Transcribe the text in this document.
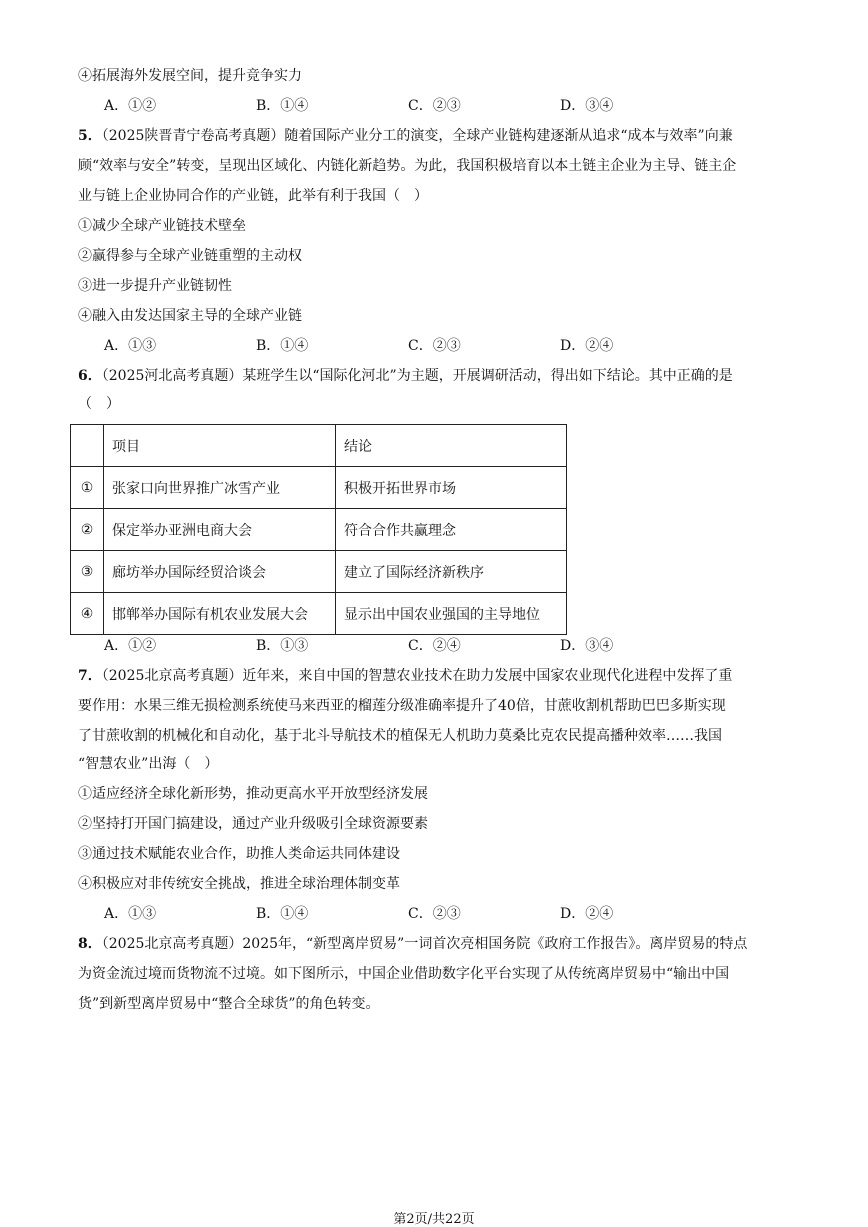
④拓展海外发展空间，提升竞争实力
A．①②	B．①④	C．②③	D．③④
5．（2025陕晋青宁卷高考真题）随着国际产业分工的演变，全球产业链构建逐渐从追求“成本与效率”向兼
顾“效率与安全”转变，呈现出区域化、内链化新趋势。为此，我国积极培育以本土链主企业为主导、链主企
业与链上企业协同合作的产业链，此举有利于我国（　）
①减少全球产业链技术壁垒
②赢得参与全球产业链重塑的主动权
③进一步提升产业链韧性
④融入由发达国家主导的全球产业链
A．①③	B．①④	C．②③	D．②④
6．（2025河北高考真题）某班学生以“国际化河北”为主题，开展调研活动，得出如下结论。其中正确的是
（　）
	项目	结论
①	张家口向世界推广冰雪产业	积极开拓世界市场
②	保定举办亚洲电商大会	符合合作共赢理念
③	廊坊举办国际经贸洽谈会	建立了国际经济新秩序
④	邯郸举办国际有机农业发展大会	显示出中国农业强国的主导地位
A．①②	B．①③	C．②④	D．③④
7．（2025北京高考真题）近年来，来自中国的智慧农业技术在助力发展中国家农业现代化进程中发挥了重
要作用：水果三维无损检测系统使马来西亚的榴莲分级准确率提升了40倍，甘蔗收割机帮助巴巴多斯实现
了甘蔗收割的机械化和自动化，基于北斗导航技术的植保无人机助力莫桑比克农民提高播种效率……我国
“智慧农业”出海（　）
①适应经济全球化新形势，推动更高水平开放型经济发展
②坚持打开国门搞建设，通过产业升级吸引全球资源要素
③通过技术赋能农业合作，助推人类命运共同体建设
④积极应对非传统安全挑战，推进全球治理体制变革
A．①③	B．①④	C．②③	D．②④
8．（2025北京高考真题）2025年，“新型离岸贸易”一词首次亮相国务院《政府工作报告》。离岸贸易的特点
为资金流过境而货物流不过境。如下图所示，中国企业借助数字化平台实现了从传统离岸贸易中“输出中国
货”到新型离岸贸易中“整合全球货”的角色转变。
第2页/共22页
